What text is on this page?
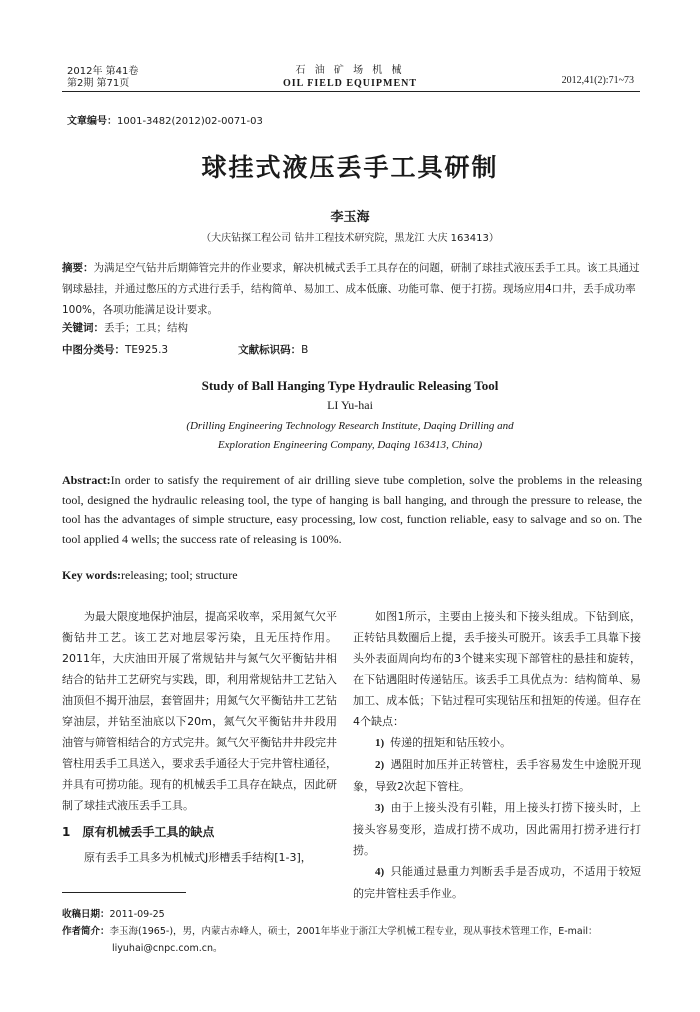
2012年 第41卷
第2期 第71页
石 油 矿 场 机 械
OIL FIELD EQUIPMENT	2012,41(2):71~73
文章编号：1001-3482(2012)02-0071-03
球挂式液压丢手工具研制
李玉海
（大庆钻探工程公司 钻井工程技术研究院，黑龙江 大庆 163413）
摘要：为满足空气钻井后期筛管完井的作业要求，解决机械式丢手工具存在的问题，研制了球挂式液压丢手工具。该工具通过钢球悬挂，并通过憋压的方式进行丢手，结构简单、易加工、成本低廉、功能可靠、便于打捞。现场应用4口井，丢手成功率100%，各项功能满足设计要求。
关键词：丢手；工具；结构
中图分类号：TE925.3	文献标识码：B
Study of Ball Hanging Type Hydraulic Releasing Tool
LI Yu-hai
(Drilling Engineering Technology Research Institute, Daqing Drilling and
Exploration Engineering Company, Daqing 163413, China)
Abstract:In order to satisfy the requirement of air drilling sieve tube completion, solve the problems in the releasing tool, designed the hydraulic releasing tool, the type of hanging is ball hanging, and through the pressure to release, the tool has the advantages of simple structure, easy processing, low cost, function reliable, easy to salvage and so on. The tool applied 4 wells; the success rate of releasing is 100%.
Key words:releasing; tool; structure

为最大限度地保护油层，提高采收率，采用氮气欠平衡钻井工艺。该工艺对地层零污染，且无压持作用。2011年，大庆油田开展了常规钻井与氮气欠平衡钻井相结合的钻井工艺研究与实践，即，利用常规钻井工艺钻入油顶但不揭开油层，套管固井；用氮气欠平衡钻井工艺钻穿油层，并钻至油底以下20m，氮气欠平衡钻井井段用油管与筛管相结合的方式完井。氮气欠平衡钻井井段完井管柱用丢手工具送入，要求丢手通径大于完井管柱通径，并具有可捞功能。现有的机械丢手工具存在缺点，因此研制了球挂式液压丢手工具。

1　原有机械丢手工具的缺点

原有丢手工具多为机械式J形槽丢手结构[1-3]，

如图1所示，主要由上接头和下接头组成。下钻到底，正转钻具数圈后上提，丢手接头可脱开。该丢手工具靠下接头外表面周向均布的3个键来实现下部管柱的悬挂和旋转，在下钻遇阻时传递钻压。该丢手工具优点为：结构简单、易加工、成本低；下钻过程可实现钻压和扭矩的传递。但存在4个缺点：

1) 传递的扭矩和钻压较小。

2) 遇阻时加压并正转管柱，丢手容易发生中途脱开现象，导致2次起下管柱。

3) 由于上接头没有引鞋，用上接头打捞下接头时，上接头容易变形，造成打捞不成功，因此需用打捞矛进行打捞。

4) 只能通过悬重力判断丢手是否成功，不适用于较短的完井管柱丢手作业。

收稿日期：2011-09-25
作者简介：李玉海(1965-)，男，内蒙古赤峰人，硕士，2001年毕业于浙江大学机械工程专业，现从事技术管理工作，E-mail：
liyuhai@cnpc.com.cn。
